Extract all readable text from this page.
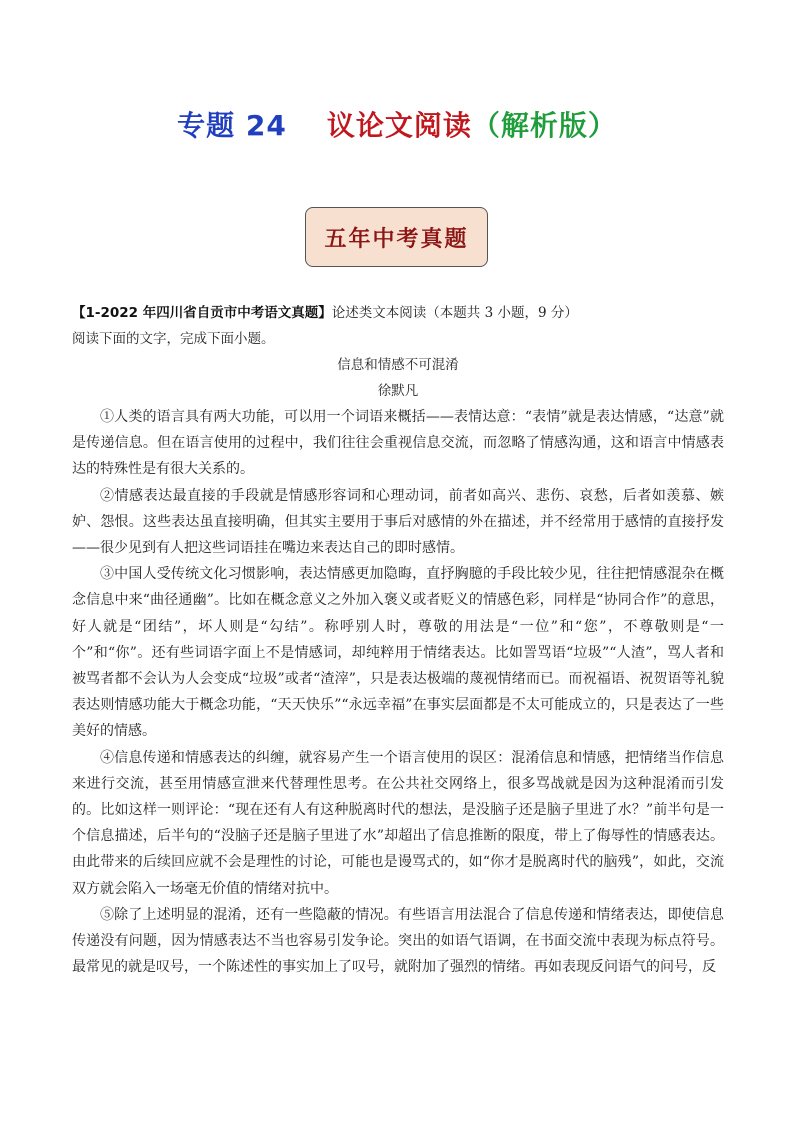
专题 24 议论文阅读（解析版）
五年中考真题
【1-2022 年四川省自贡市中考语文真题】论述类文本阅读（本题共 3 小题，9 分）
阅读下面的文字，完成下面小题。
信息和情感不可混淆
徐默凡

①人类的语言具有两大功能，可以用一个词语来概括——表情达意：“表情”就是表达情感，“达意”就是传递信息。但在语言使用的过程中，我们往往会重视信息交流，而忽略了情感沟通，这和语言中情感表达的特殊性是有很大关系的。

②情感表达最直接的手段就是情感形容词和心理动词，前者如高兴、悲伤、哀愁，后者如羡慕、嫉妒、怨恨。这些表达虽直接明确，但其实主要用于事后对感情的外在描述，并不经常用于感情的直接抒发——很少见到有人把这些词语挂在嘴边来表达自己的即时感情。

③中国人受传统文化习惯影响，表达情感更加隐晦，直抒胸臆的手段比较少见，往往把情感混杂在概念信息中来“曲径通幽”。比如在概念意义之外加入褒义或者贬义的情感色彩，同样是“协同合作”的意思，好人就是“团结”，坏人则是“勾结”。称呼别人时，尊敬的用法是“一位”和“您”，不尊敬则是“一个”和“你”。还有些词语字面上不是情感词，却纯粹用于情绪表达。比如詈骂语“垃圾”“人渣”，骂人者和被骂者都不会认为人会变成“垃圾”或者“渣滓”，只是表达极端的蔑视情绪而已。而祝福语、祝贺语等礼貌表达则情感功能大于概念功能，“天天快乐”“永远幸福”在事实层面都是不太可能成立的，只是表达了一些美好的情感。

④信息传递和情感表达的纠缠，就容易产生一个语言使用的误区：混淆信息和情感，把情绪当作信息来进行交流，甚至用情感宣泄来代替理性思考。在公共社交网络上，很多骂战就是因为这种混淆而引发的。比如这样一则评论：“现在还有人有这种脱离时代的想法，是没脑子还是脑子里进了水？”前半句是一个信息描述，后半句的“没脑子还是脑子里进了水”却超出了信息推断的限度，带上了侮辱性的情感表达。由此带来的后续回应就不会是理性的讨论，可能也是谩骂式的，如“你才是脱离时代的脑残”，如此，交流双方就会陷入一场毫无价值的情绪对抗中。

⑤除了上述明显的混淆，还有一些隐蔽的情况。有些语言用法混合了信息传递和情绪表达，即使信息传递没有问题，因为情感表达不当也容易引发争论。突出的如语气语调，在书面交流中表现为标点符号。最常见的就是叹号，一个陈述性的事实加上了叹号，就附加了强烈的情绪。再如表现反问语气的问号，反
